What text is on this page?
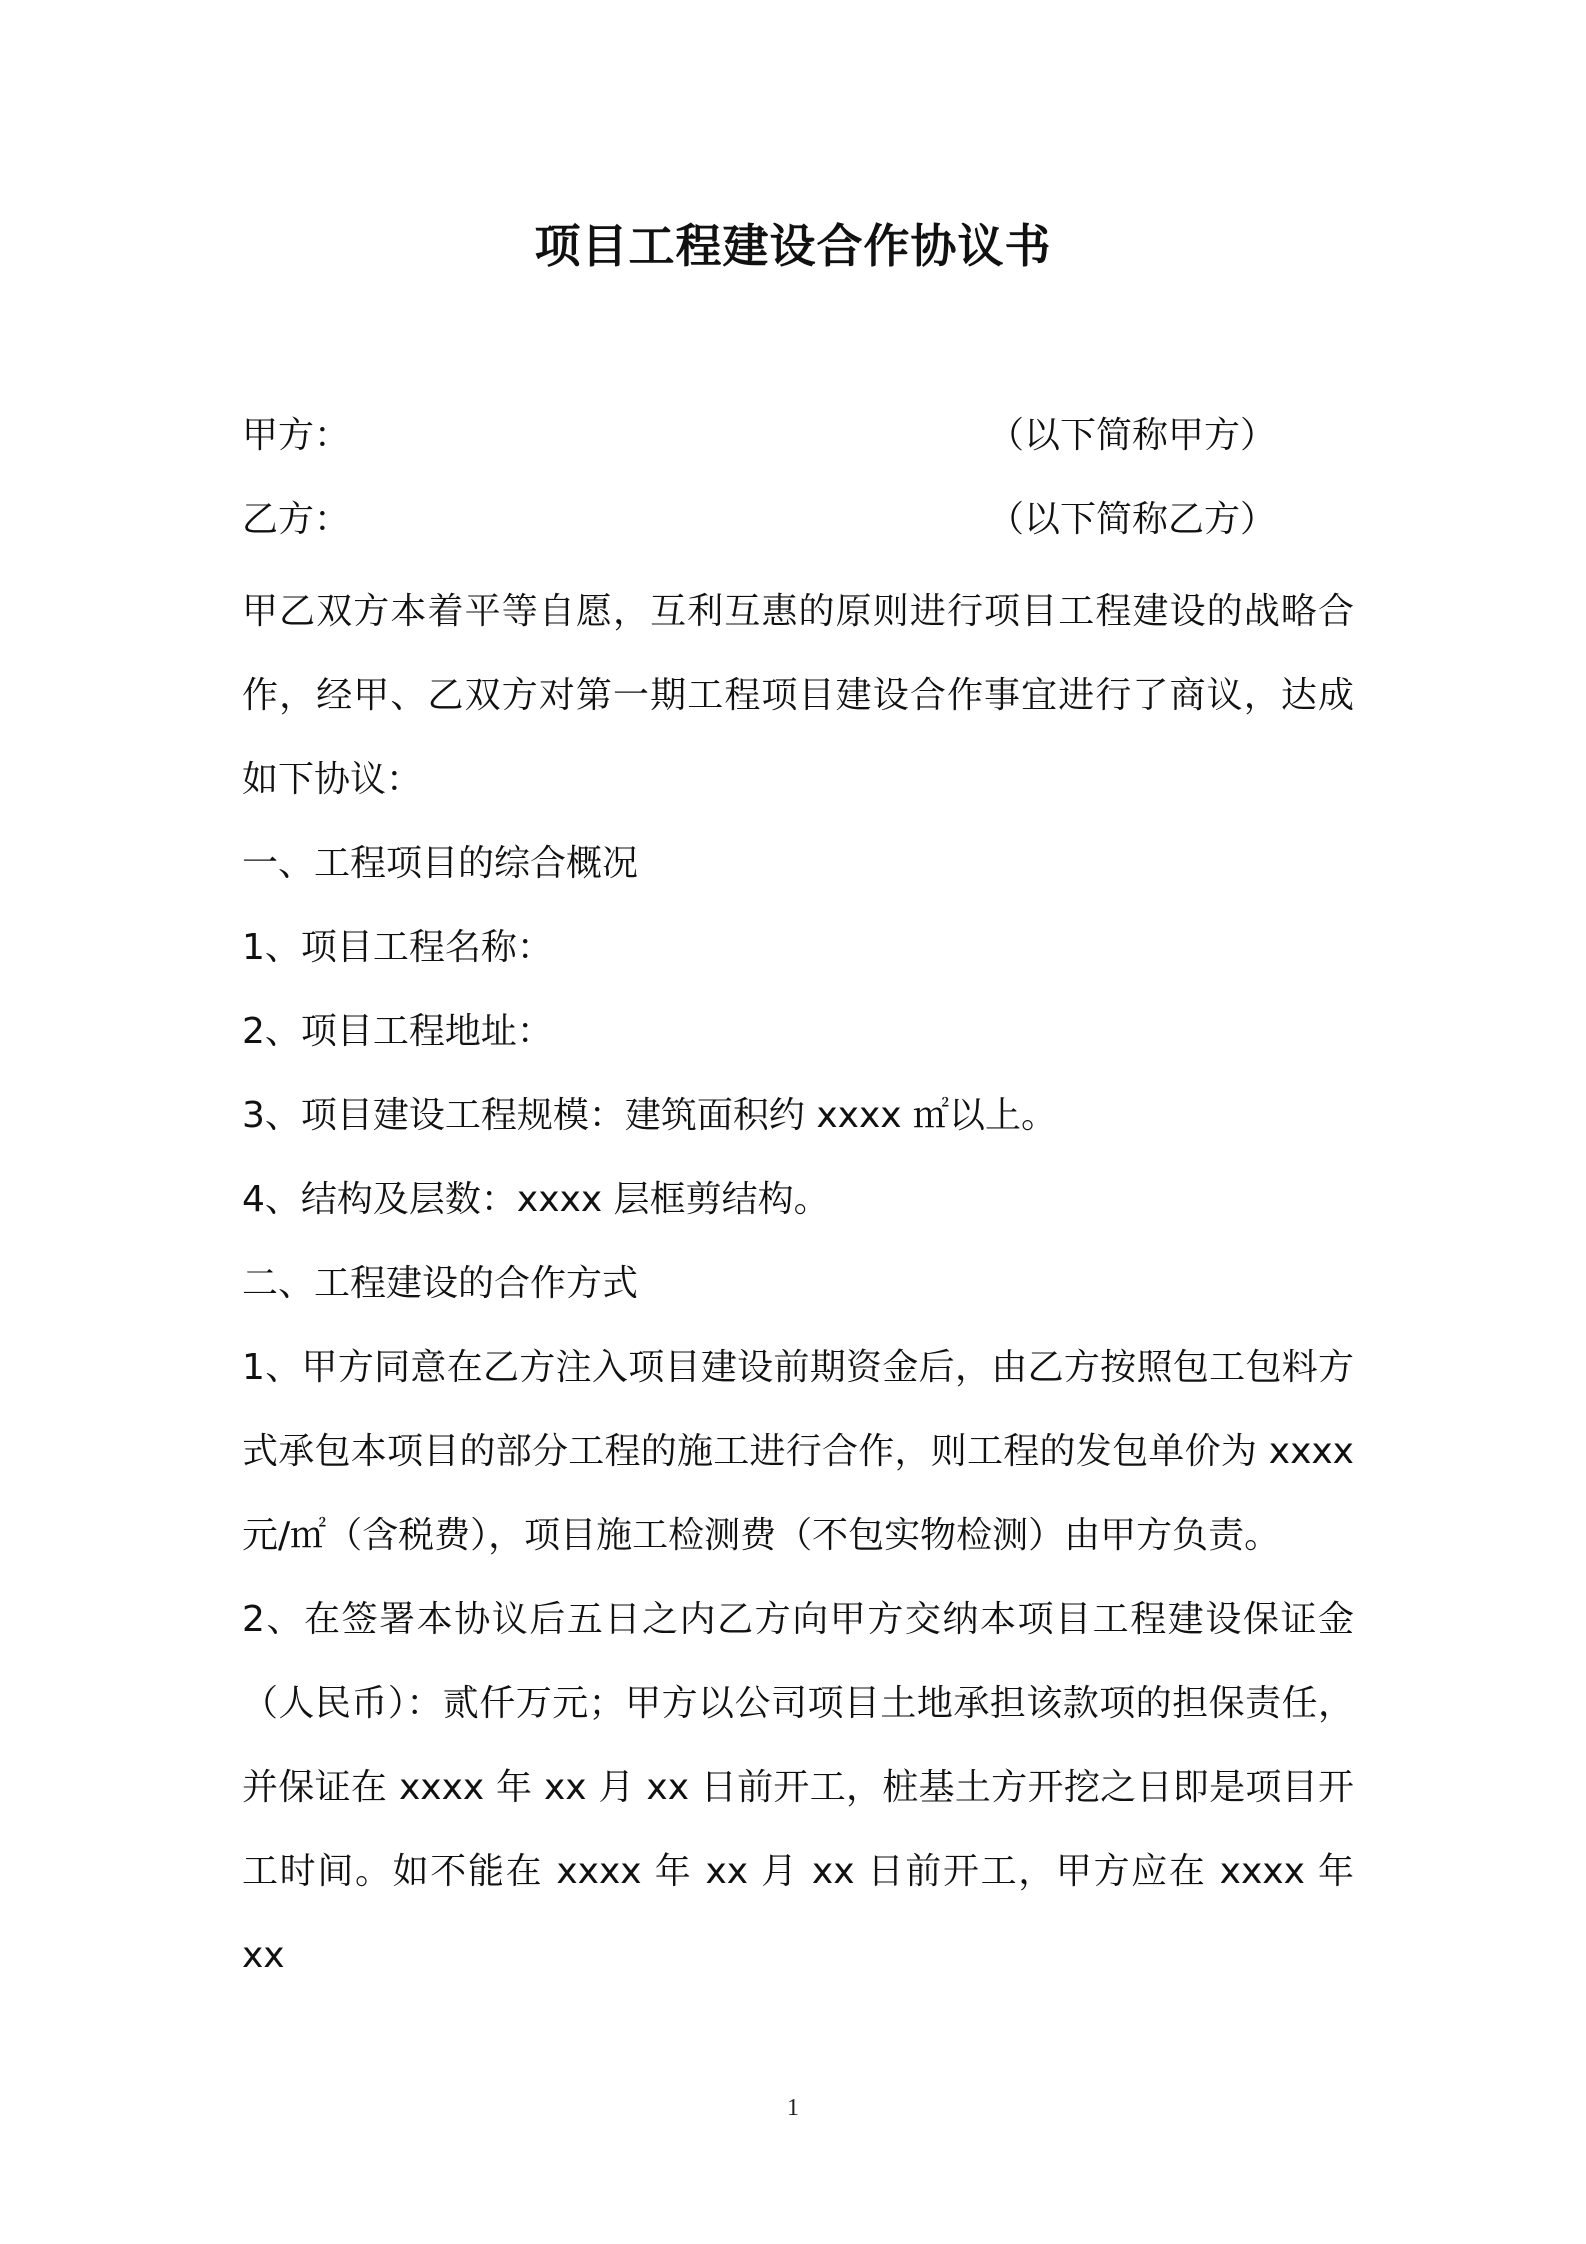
项目工程建设合作协议书
甲方：	（以下简称甲方）
乙方：	（以下简称乙方）

甲乙双方本着平等自愿，互利互惠的原则进行项目工程建设的战略合作，经甲、乙双方对第一期工程项目建设合作事宜进行了商议，达成如下协议：

一、工程项目的综合概况

1、项目工程名称：

2、项目工程地址：

3、项目建设工程规模：建筑面积约 xxxx ㎡以上。

4、结构及层数：xxxx 层框剪结构。

二、工程建设的合作方式

1、甲方同意在乙方注入项目建设前期资金后，由乙方按照包工包料方式承包本项目的部分工程的施工进行合作，则工程的发包单价为 xxxx 元/㎡（含税费），项目施工检测费（不包实物检测）由甲方负责。

2、在签署本协议后五日之内乙方向甲方交纳本项目工程建设保证金（人民币）：贰仟万元；甲方以公司项目土地承担该款项的担保责任，并保证在 xxxx 年 xx 月 xx 日前开工，桩基土方开挖之日即是项目开工时间。如不能在 xxxx 年 xx 月 xx 日前开工，甲方应在 xxxx 年 xx

1
